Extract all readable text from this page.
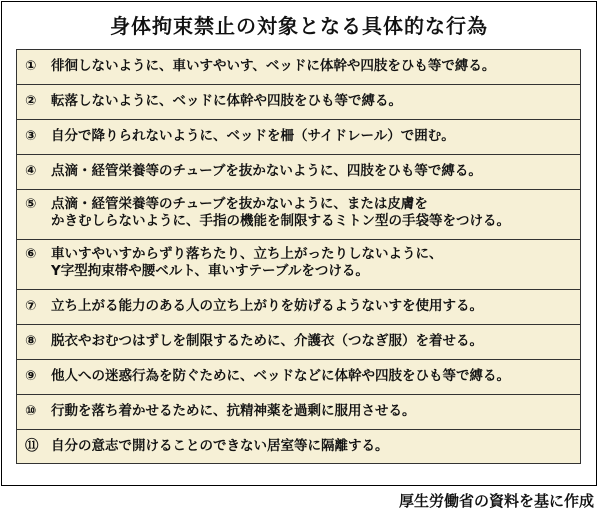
身体拘束禁止の対象となる具体的な行為
①	徘徊しないように、車いすやいす、ベッドに体幹や四肢をひも等で縛る。
②	転落しないように、ベッドに体幹や四肢をひも等で縛る。
③	自分で降りられないように、ベッドを柵（サイドレール）で囲む。
④	点滴・経管栄養等のチューブを抜かないように、四肢をひも等で縛る。
⑤	点滴・経管栄養等のチューブを抜かないように、または皮膚を
かきむしらないように、手指の機能を制限するミトン型の手袋等をつける。
⑥	車いすやいすからずり落ちたり、立ち上がったりしないように、
Y字型拘束帯や腰ベルト、車いすテーブルをつける。
⑦	立ち上がる能力のある人の立ち上がりを妨げるようないすを使用する。
⑧	脱衣やおむつはずしを制限するために、介護衣（つなぎ服）を着せる。
⑨	他人への迷惑行為を防ぐために、ベッドなどに体幹や四肢をひも等で縛る。
⑩	行動を落ち着かせるために、抗精神薬を過剰に服用させる。
⑪ 自分の意志で開けることのできない居室等に隔離する。
厚生労働省の資料を基に作成
